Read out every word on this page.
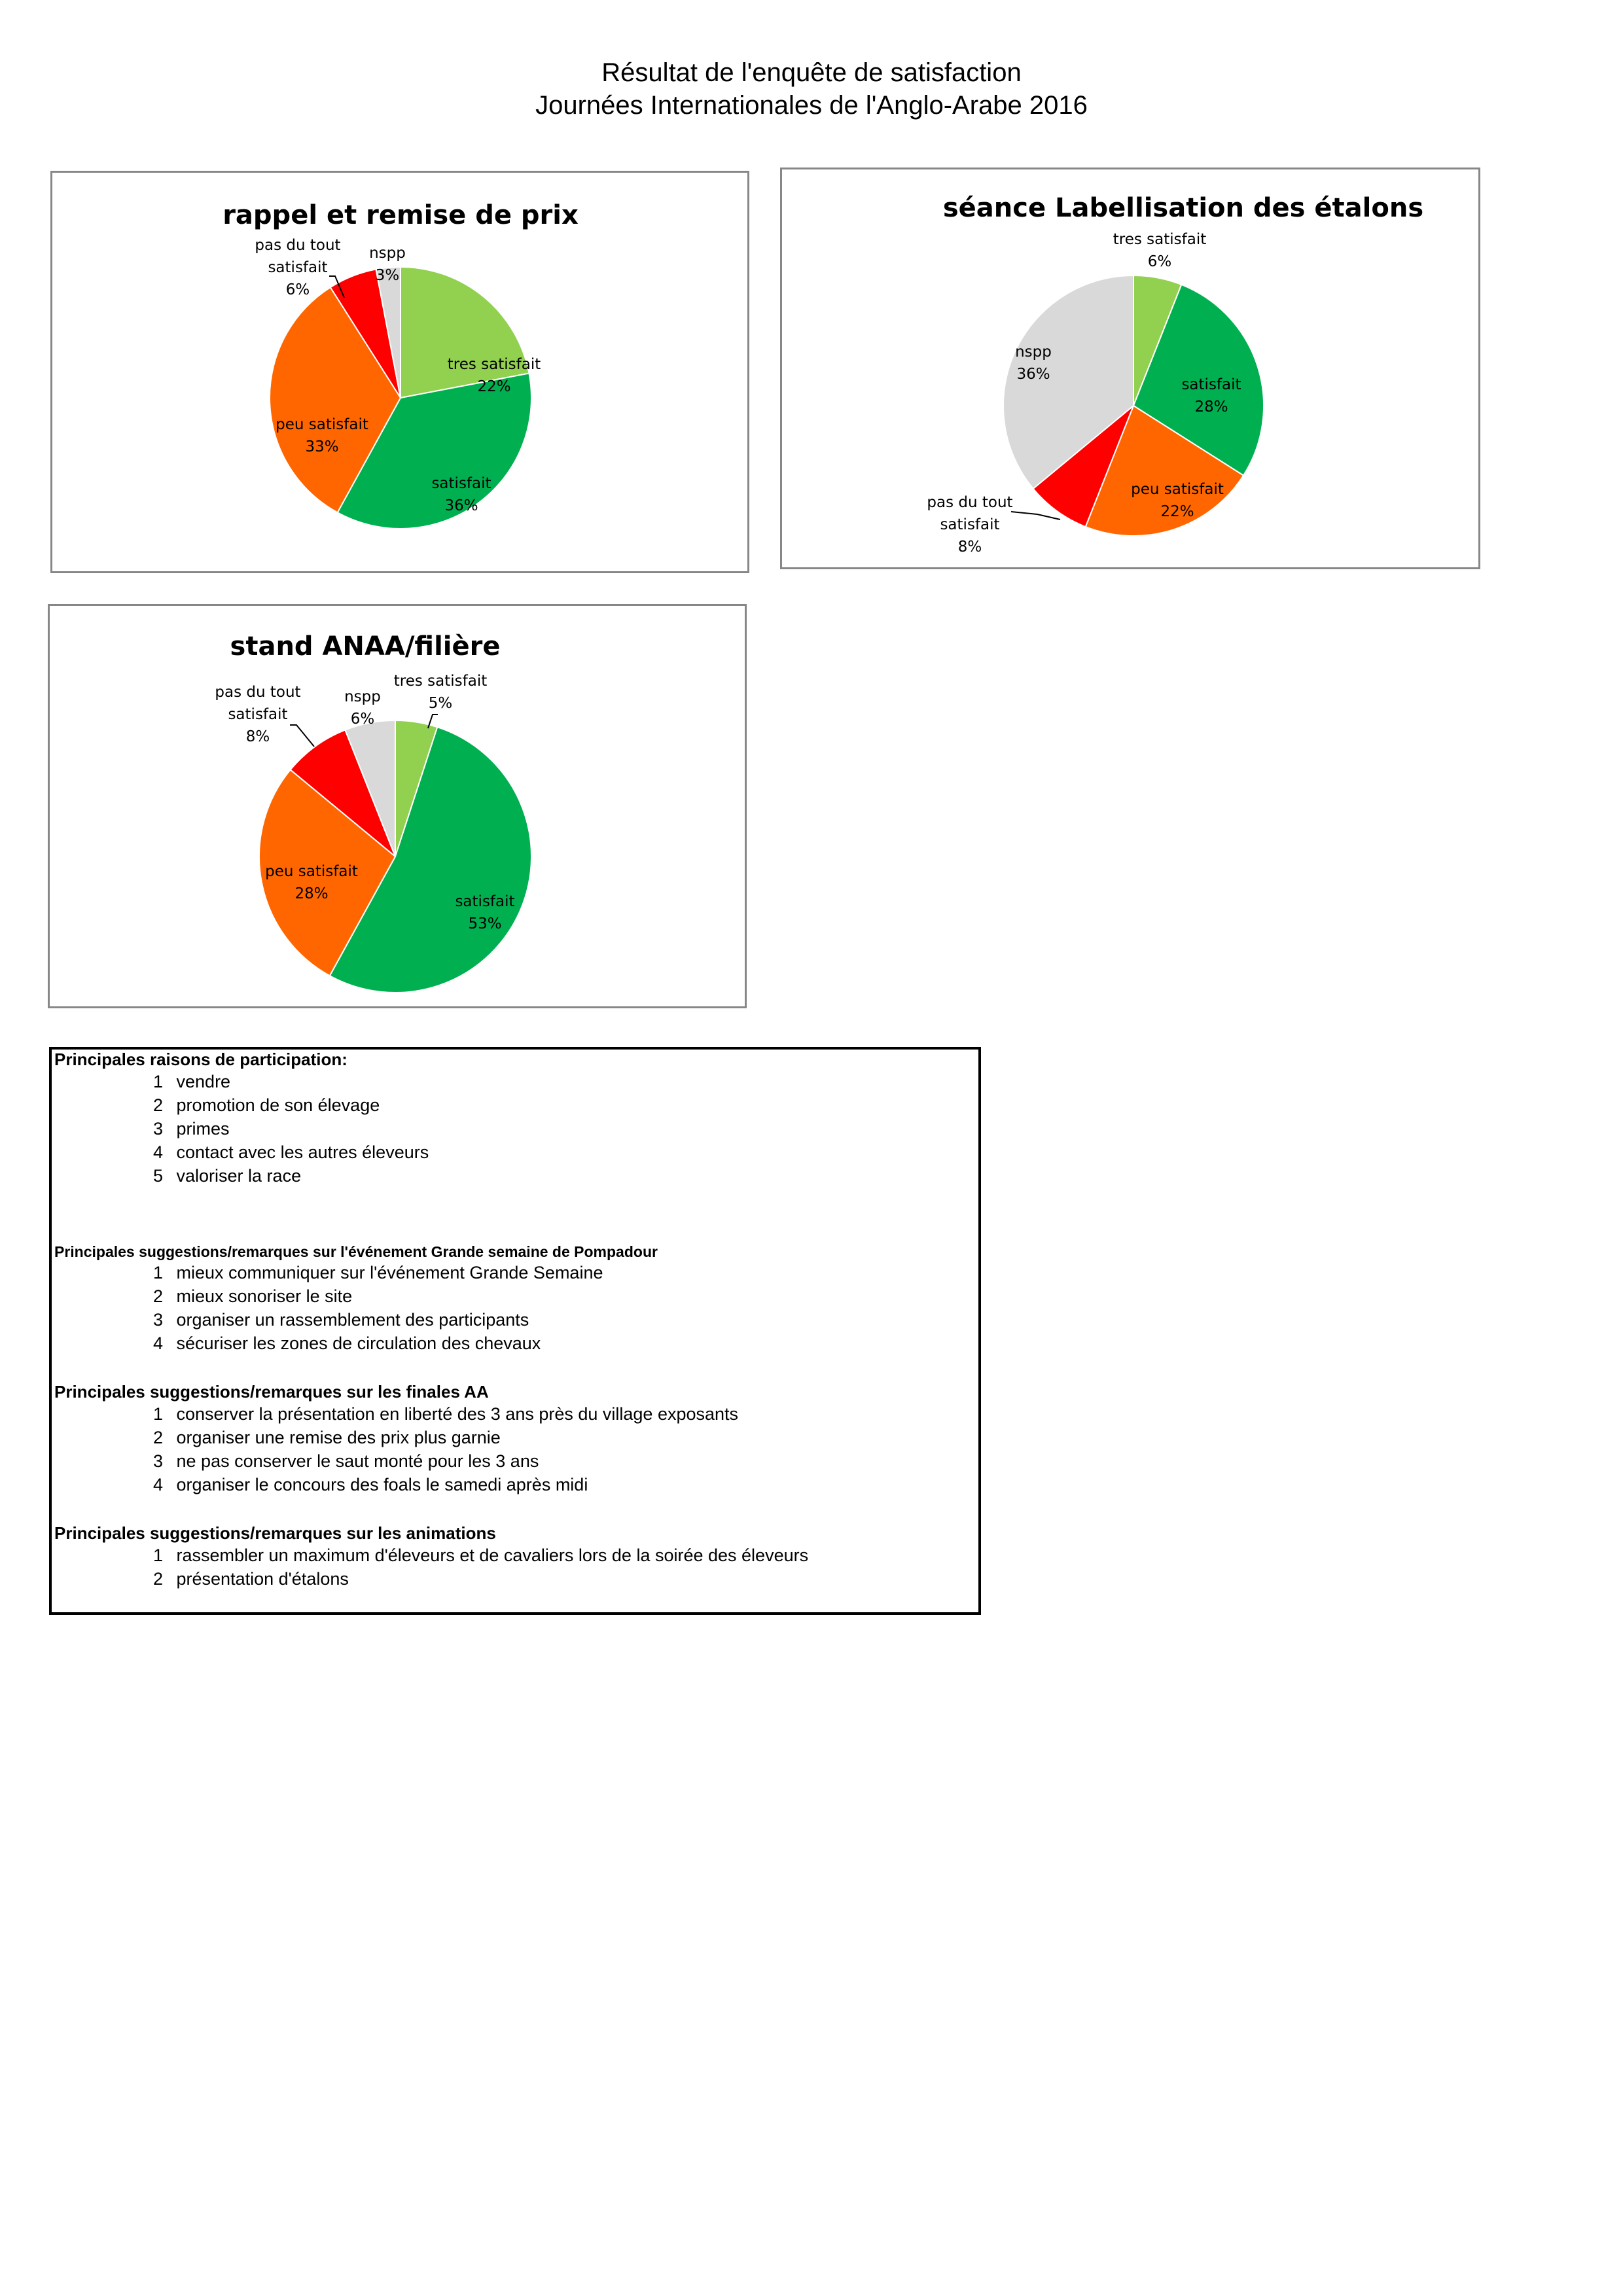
Résultat de l'enquête de satisfaction
Journées Internationales de l'Anglo-Arabe 2016
rappel et remise de prix
tres satisfait 22%
satisfait 36%
peu satisfait 33%
pas du tout satisfait 6%
nspp 3%
séance Labellisation des étalons
tres satisfait 6%
satisfait 28%
peu satisfait 22%
pas du tout satisfait 8%
nspp 36%
stand ANAA/filière
tres satisfait 5%
satisfait 53%
peu satisfait 28%
pas du tout satisfait 8%
nspp 6%
Principales raisons de participation:
1 vendre
2 promotion de son élevage
3 primes
4 contact avec les autres éleveurs
5 valoriser la race
Principales suggestions/remarques sur l'événement Grande semaine de Pompadour
1 mieux communiquer sur l'événement Grande Semaine
2 mieux sonoriser le site
3 organiser un rassemblement des participants
4 sécuriser les zones de circulation des chevaux
Principales suggestions/remarques sur les finales AA
1 conserver la présentation en liberté des 3 ans près du village exposants
2 organiser une remise des prix plus garnie
3 ne pas conserver le saut monté pour les 3 ans
4 organiser le concours des foals le samedi après midi
Principales suggestions/remarques sur les animations
1 rassembler un maximum d'éleveurs et de cavaliers lors de la soirée des éleveurs
2 présentation d'étalons
